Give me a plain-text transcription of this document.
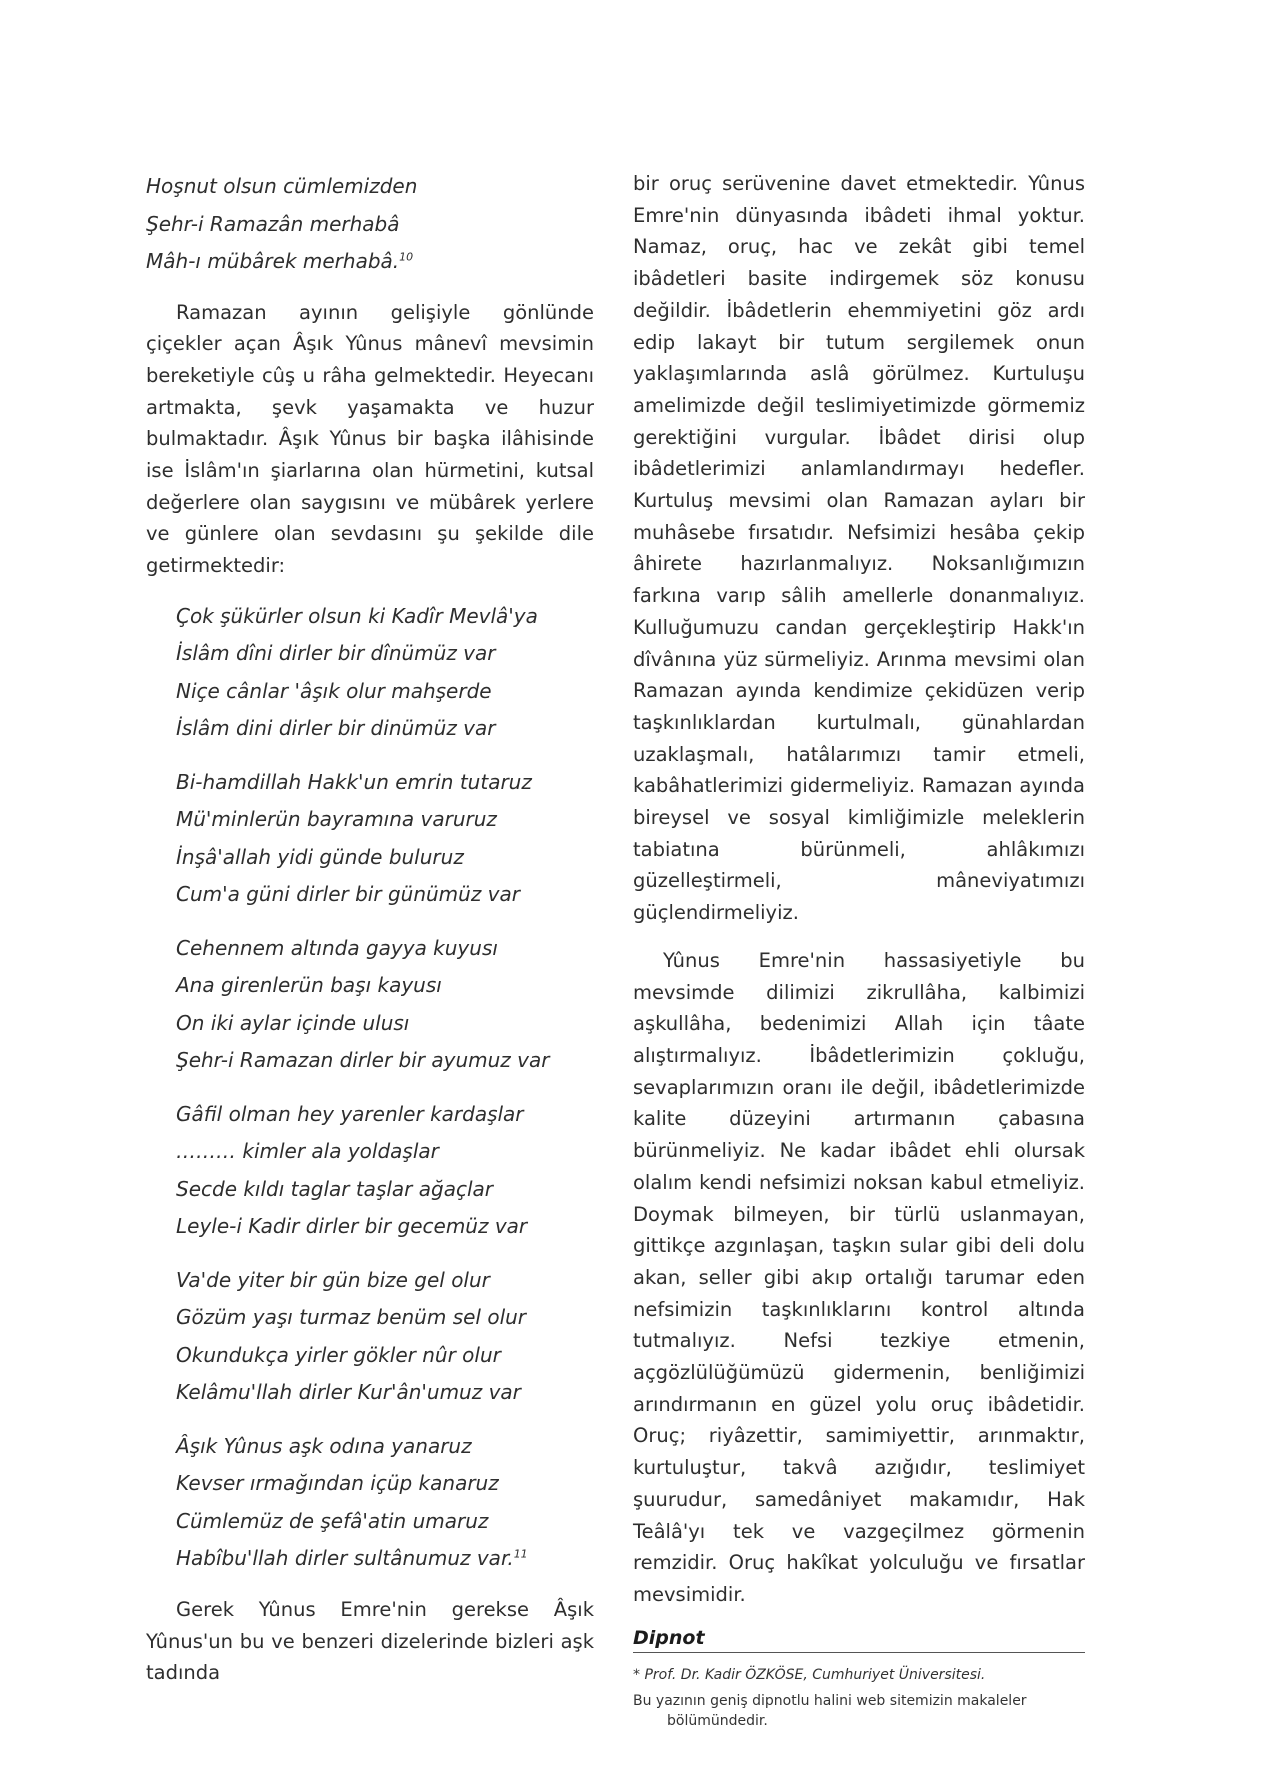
Hoşnut olsun cümlemizden
Şehr-i Ramazân merhabâ
Mâh-ı mübârek merhabâ.$^{10}$

Ramazan ayının gelişiyle gönlünde çiçekler açan Âşık Yûnus mânevî mevsimin bereketiyle cûş u râha gelmektedir. Heyecanı artmakta, şevk yaşamakta ve huzur bulmaktadır. Âşık Yûnus bir başka ilâhisinde ise İslâm'ın şiarlarına olan hürmetini, kutsal değerlere olan saygısını ve mübârek yerlere ve günlere olan sevdasını şu şekilde dile getirmektedir:

Çok şükürler olsun ki Kadîr Mevlâ'ya
İslâm dîni dirler bir dînümüz var
Niçe cânlar 'âşık olur mahşerde
İslâm dini dirler bir dinümüz var
Bi-hamdillah Hakk'un emrin tutaruz
Mü'minlerün bayramına varuruz
İnşâ'allah yidi günde buluruz
Cum'a güni dirler bir günümüz var
Cehennem altında gayya kuyusı
Ana girenlerün başı kayusı
On iki aylar içinde ulusı
Şehr-i Ramazan dirler bir ayumuz var
Gâfil olman hey yarenler kardaşlar
……… kimler ala yoldaşlar
Secde kıldı taglar taşlar ağaçlar
Leyle-i Kadir dirler bir gecemüz var
Va'de yiter bir gün bize gel olur
Gözüm yaşı turmaz benüm sel olur
Okundukça yirler gökler nûr olur
Kelâmu'llah dirler Kur'ân'umuz var
Âşık Yûnus aşk odına yanaruz
Kevser ırmağından içüp kanaruz
Cümlemüz de şefâ'atin umaruz
Habîbu'llah dirler sultânumuz var.$^{11}$

Gerek Yûnus Emre'nin gerekse Âşık Yûnus'un bu ve benzeri dizelerinde bizleri aşk tadında

bir oruç serüvenine davet etmektedir. Yûnus Emre'nin dünyasında ibâdeti ihmal yoktur. Namaz, oruç, hac ve zekât gibi temel ibâdetleri basite indirgemek söz konusu değildir. İbâdetlerin ehemmiyetini göz ardı edip lakayt bir tutum sergilemek onun yaklaşımlarında aslâ görülmez. Kurtuluşu amelimizde değil teslimiyetimizde görmemiz gerektiğini vurgular. İbâdet dirisi olup ibâdetlerimizi anlamlandırmayı hedefler. Kurtuluş mevsimi olan Ramazan ayları bir muhâsebe fırsatıdır. Nefsimizi hesâba çekip âhirete hazırlanmalıyız. Noksanlığımızın farkına varıp sâlih amellerle donanmalıyız. Kulluğumuzu candan gerçekleştirip Hakk'ın dîvânına yüz sürmeliyiz. Arınma mevsimi olan Ramazan ayında kendimize çekidüzen verip taşkınlıklardan kurtulmalı, günahlardan uzaklaşmalı, hatâlarımızı tamir etmeli, kabâhatlerimizi gidermeliyiz. Ramazan ayında bireysel ve sosyal kimliğimizle meleklerin tabiatına bürünmeli, ahlâkımızı güzelleştirmeli, mâneviyatımızı güçlendirmeliyiz.

Yûnus Emre'nin hassasiyetiyle bu mevsimde dilimizi zikrullâha, kalbimizi aşkullâha, bedenimizi Allah için tâate alıştırmalıyız. İbâdetlerimizin çokluğu, sevaplarımızın oranı ile değil, ibâdetlerimizde kalite düzeyini artırmanın çabasına bürünmeliyiz. Ne kadar ibâdet ehli olursak olalım kendi nefsimizi noksan kabul etmeliyiz. Doymak bilmeyen, bir türlü uslanmayan, gittikçe azgınlaşan, taşkın sular gibi deli dolu akan, seller gibi akıp ortalığı tarumar eden nefsimizin taşkınlıklarını kontrol altında tutmalıyız. Nefsi tezkiye etmenin, açgözlülüğümüzü gidermenin, benliğimizi arındırmanın en güzel yolu oruç ibâdetidir. Oruç; riyâzettir, samimiyettir, arınmaktır, kurtuluştur, takvâ azığıdır, teslimiyet şuurudur, samedâniyet makamıdır, Hak Teâlâ'yı tek ve vazgeçilmez görmenin remzidir. Oruç hakîkat yolculuğu ve fırsatlar mevsimidir.

Dipnot
* Prof. Dr. Kadir ÖZKÖSE, Cumhuriyet Üniversitesi.
Bu yazının geniş dipnotlu halini web sitemizin makaleler bölümündedir.
